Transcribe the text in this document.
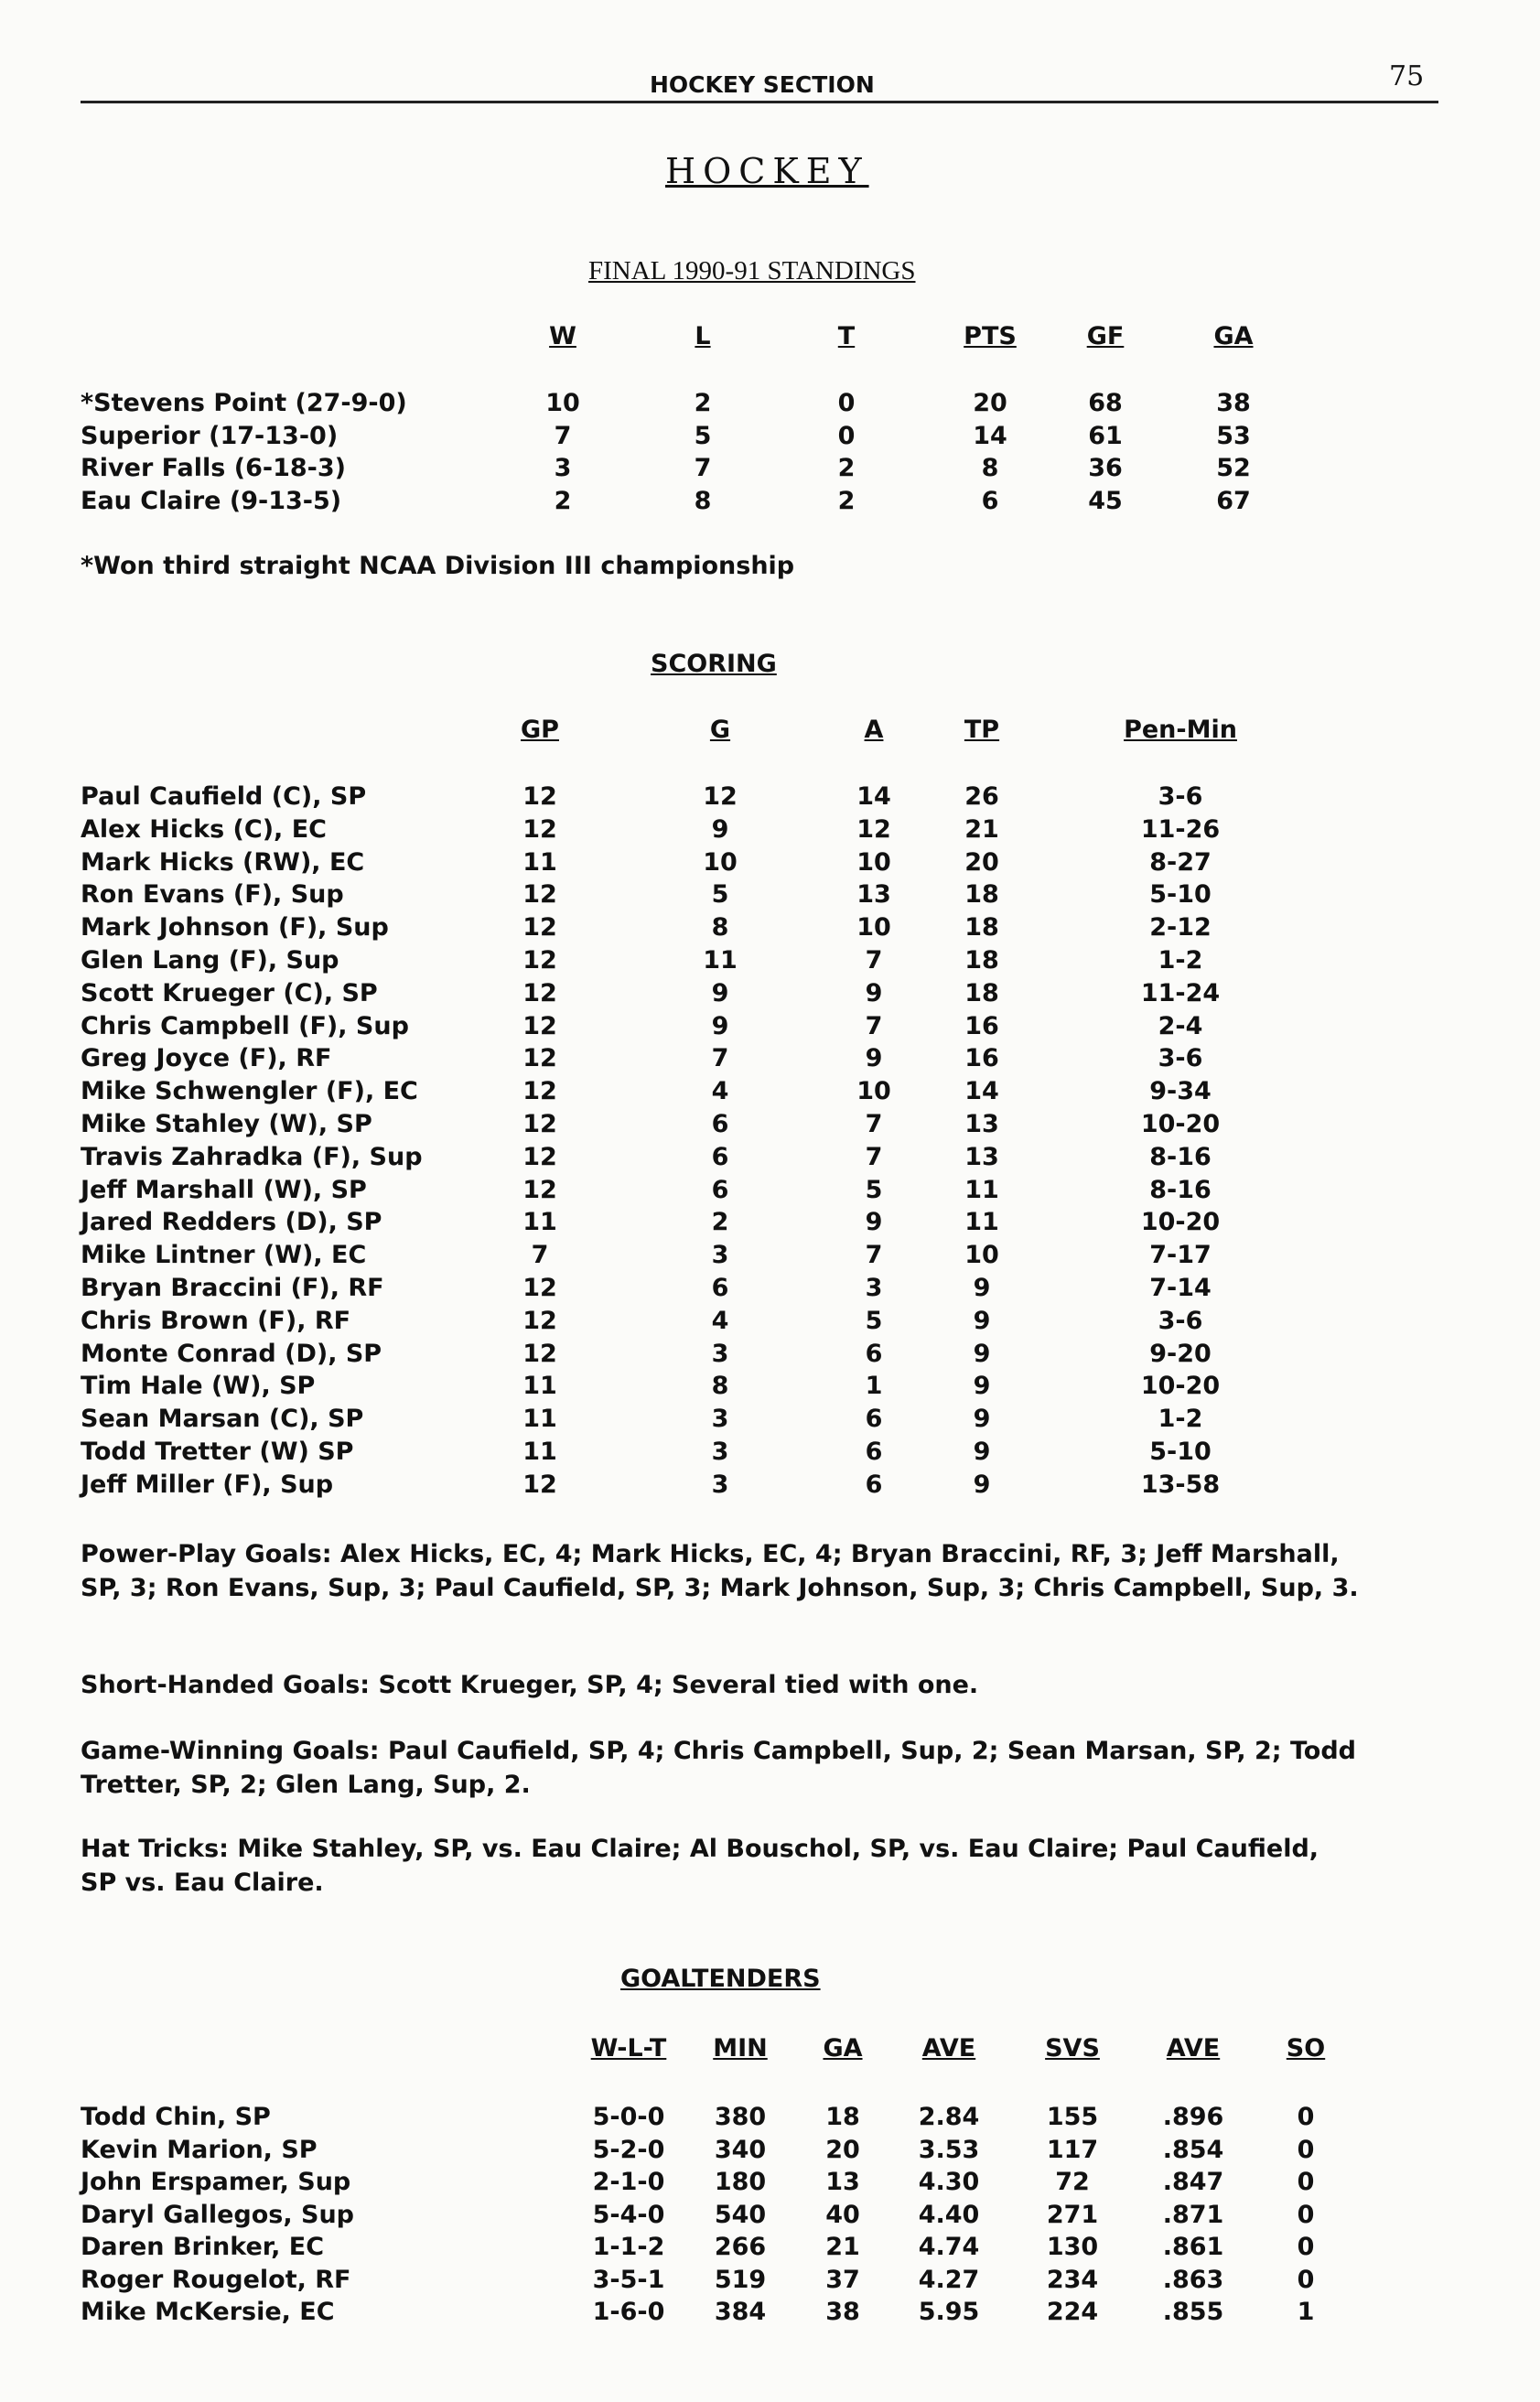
HOCKEY SECTION	75
HOCKEY
FINAL 1990-91 STANDINGS
W	L	T	PTS	GF	GA
*Stevens Point (27-9-0)	10	2	0	20	68	38
Superior (17-13-0)	7	5	0	14	61	53
River Falls (6-18-3)	3	7	2	8	36	52
Eau Claire (9-13-5)	2	8	2	6	45	67
*Won third straight NCAA Division III championship
SCORING
GP	G	A	TP	Pen-Min
Paul Caufield (C), SP	12	12	14	26	3-6
Alex Hicks (C), EC	12	9	12	21	11-26
Mark Hicks (RW), EC	11	10	10	20	8-27
Ron Evans (F), Sup	12	5	13	18	5-10
Mark Johnson (F), Sup	12	8	10	18	2-12
Glen Lang (F), Sup	12	11	7	18	1-2
Scott Krueger (C), SP	12	9	9	18	11-24
Chris Campbell (F), Sup	12	9	7	16	2-4
Greg Joyce (F), RF	12	7	9	16	3-6
Mike Schwengler (F), EC	12	4	10	14	9-34
Mike Stahley (W), SP	12	6	7	13	10-20
Travis Zahradka (F), Sup	12	6	7	13	8-16
Jeff Marshall (W), SP	12	6	5	11	8-16
Jared Redders (D), SP	11	2	9	11	10-20
Mike Lintner (W), EC	7	3	7	10	7-17
Bryan Braccini (F), RF	12	6	3	9	7-14
Chris Brown (F), RF	12	4	5	9	3-6
Monte Conrad (D), SP	12	3	6	9	9-20
Tim Hale (W), SP	11	8	1	9	10-20
Sean Marsan (C), SP	11	3	6	9	1-2
Todd Tretter (W) SP	11	3	6	9	5-10
Jeff Miller (F), Sup	12	3	6	9	13-58
Power-Play Goals: Alex Hicks, EC, 4; Mark Hicks, EC, 4; Bryan Braccini, RF, 3; Jeff Marshall, SP, 3; Ron Evans, Sup, 3; Paul Caufield, SP, 3; Mark Johnson, Sup, 3; Chris Campbell, Sup, 3.
Short-Handed Goals: Scott Krueger, SP, 4; Several tied with one.
Game-Winning Goals: Paul Caufield, SP, 4; Chris Campbell, Sup, 2; Sean Marsan, SP, 2; Todd Tretter, SP, 2; Glen Lang, Sup, 2.
Hat Tricks: Mike Stahley, SP, vs. Eau Claire; Al Bouschol, SP, vs. Eau Claire; Paul Caufield, SP vs. Eau Claire.
GOALTENDERS
W-L-T MIN GA AVE	SVS	AVE	SO
Todd Chin, SP	5-0-0 380 18 2.84	155	.896	0
Kevin Marion, SP	5-2-0 340 20 3.53	117	.854	0
John Erspamer, Sup	2-1-0 180 13 4.30	72	.847	0
Daryl Gallegos, Sup	5-4-0 540 40 4.40	271	.871	0
Daren Brinker, EC	1-1-2 266 21 4.74	130	.861	0
Roger Rougelot, RF	3-5-1 519 37 4.27	234	.863	0
Mike McKersie, EC	1-6-0 384 38 5.95	224	.855	1
